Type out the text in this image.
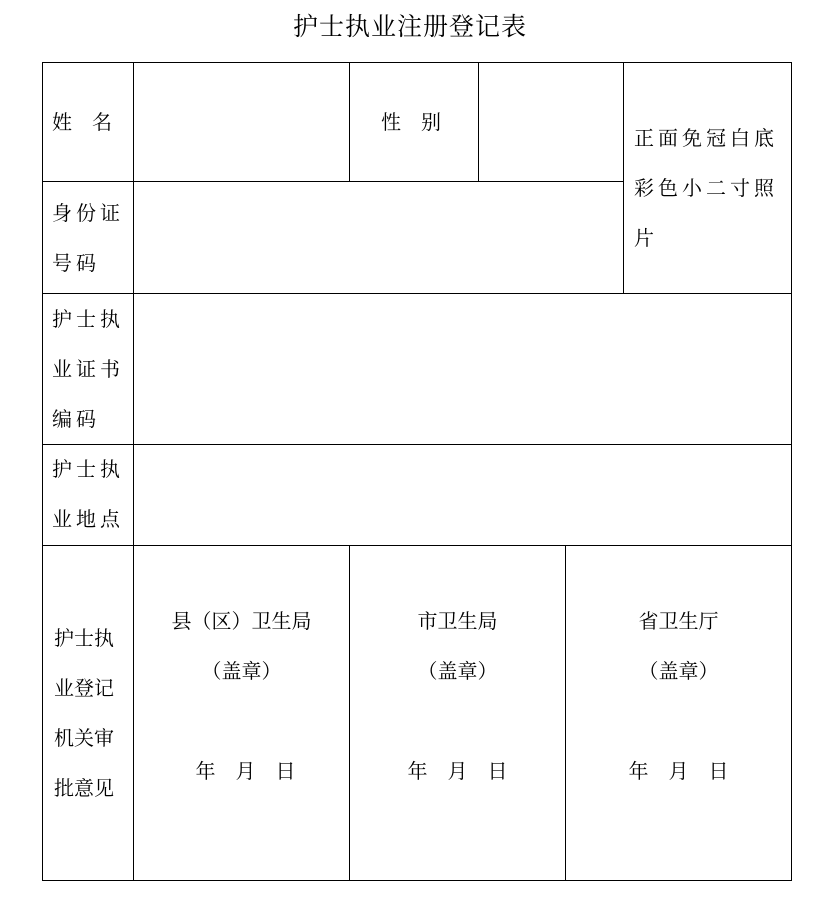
护士执业注册登记表
姓　名	性　别
正面免冠白底
彩色小二寸照
片
身份证
号码
护士执
业证书
编码
护士执
业地点
护士执
业登记
机关审
批意见
县（区）卫生局
（盖章）

年　月　日
市卫生局
（盖章）

年　月　日
省卫生厅
（盖章）

年　月　日
